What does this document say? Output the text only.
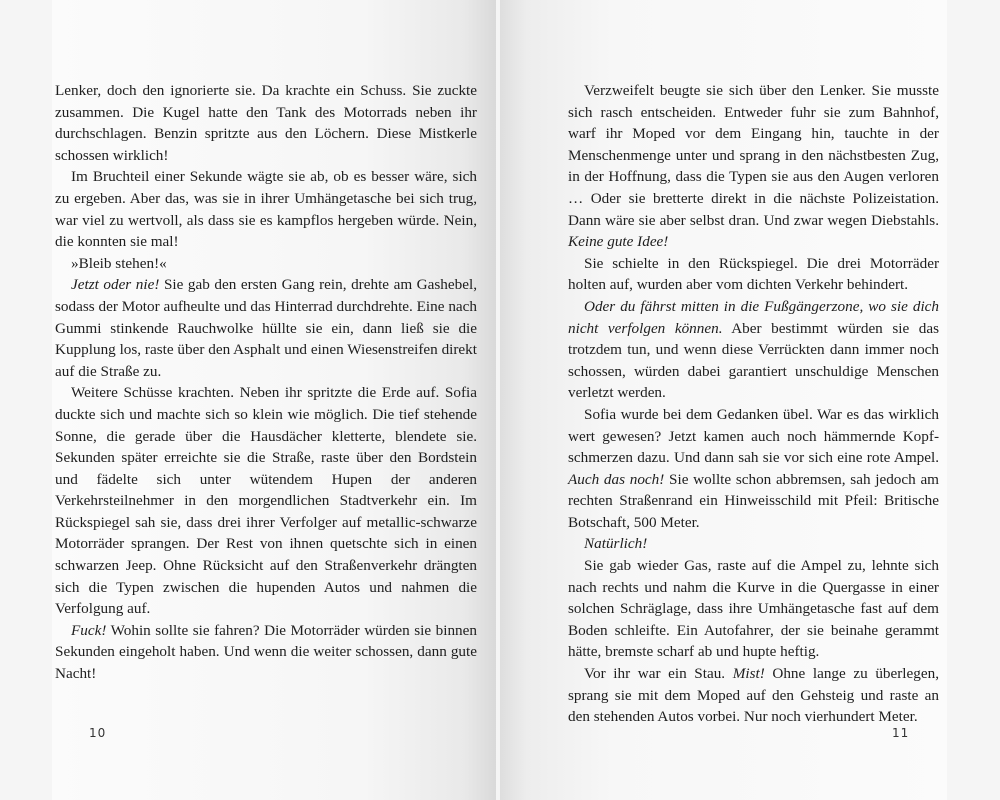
Lenker, doch den ignorierte sie. Da krachte ein Schuss. Sie zuckte zusammen. Die Kugel hatte den Tank des Motorrads neben ihr durchschlagen. Benzin spritzte aus den Löchern. Diese Mistkerle schossen wirklich!

Im Bruchteil einer Sekunde wägte sie ab, ob es besser wäre, sich zu ergeben. Aber das, was sie in ihrer Umhängetasche bei sich trug, war viel zu wertvoll, als dass sie es kampflos hergeben würde. Nein, die konnten sie mal!

»Bleib stehen!«

Jetzt oder nie! Sie gab den ersten Gang rein, drehte am Gashebel, sodass der Motor aufheulte und das Hinterrad durchdrehte. Eine nach Gummi stinkende Rauchwolke hüllte sie ein, dann ließ sie die Kupplung los, raste über den Asphalt und einen Wiesenstreifen direkt auf die Straße zu.

Weitere Schüsse krachten. Neben ihr spritzte die Erde auf. Sofia duckte sich und machte sich so klein wie möglich. Die tief stehende Sonne, die gerade über die Hausdächer kletterte, blendete sie. Sekunden später erreichte sie die Straße, raste über den Bordstein und fädelte sich unter wütendem Hupen der anderen Verkehrsteilnehmer in den morgendlichen Stadtverkehr ein. Im Rückspiegel sah sie, dass drei ihrer Verfolger auf metallic-schwarze Motorräder sprangen. Der Rest von ihnen quetschte sich in einen schwarzen Jeep. Ohne Rücksicht auf den Straßenverkehr drängten sich die Typen zwischen die hupenden Autos und nahmen die Verfolgung auf.

Fuck! Wohin sollte sie fahren? Die Motorräder würden sie binnen Sekunden eingeholt haben. Und wenn die weiter schossen, dann gute Nacht!

10

Verzweifelt beugte sie sich über den Lenker. Sie musste sich rasch entscheiden. Entweder fuhr sie zum Bahnhof, warf ihr Moped vor dem Eingang hin, tauchte in der Menschenmenge unter und sprang in den nächstbesten Zug, in der Hoffnung, dass die Typen sie aus den Augen verloren … Oder sie bretterte direkt in die nächste Polizeistation. Dann wäre sie aber selbst dran. Und zwar wegen Diebstahls. Keine gute Idee!

Sie schielte in den Rückspiegel. Die drei Motorräder holten auf, wurden aber vom dichten Verkehr behindert.

Oder du fährst mitten in die Fußgängerzone, wo sie dich nicht verfolgen können. Aber bestimmt würden sie das trotzdem tun, und wenn diese Verrückten dann immer noch schossen, würden dabei garantiert unschuldige Menschen verletzt werden.

Sofia wurde bei dem Gedanken übel. War es das wirklich wert gewesen? Jetzt kamen auch noch hämmernde Kopfschmerzen dazu. Und dann sah sie vor sich eine rote Ampel. Auch das noch! Sie wollte schon abbremsen, sah jedoch am rechten Straßenrand ein Hinweisschild mit Pfeil: Britische Botschaft, 500 Meter.

Natürlich!

Sie gab wieder Gas, raste auf die Ampel zu, lehnte sich nach rechts und nahm die Kurve in die Quergasse in einer solchen Schräglage, dass ihre Umhängetasche fast auf dem Boden schleifte. Ein Autofahrer, der sie beinahe gerammt hätte, bremste scharf ab und hupte heftig.

Vor ihr war ein Stau. Mist! Ohne lange zu überlegen, sprang sie mit dem Moped auf den Gehsteig und raste an den stehenden Autos vorbei. Nur noch vierhundert Meter.

11
